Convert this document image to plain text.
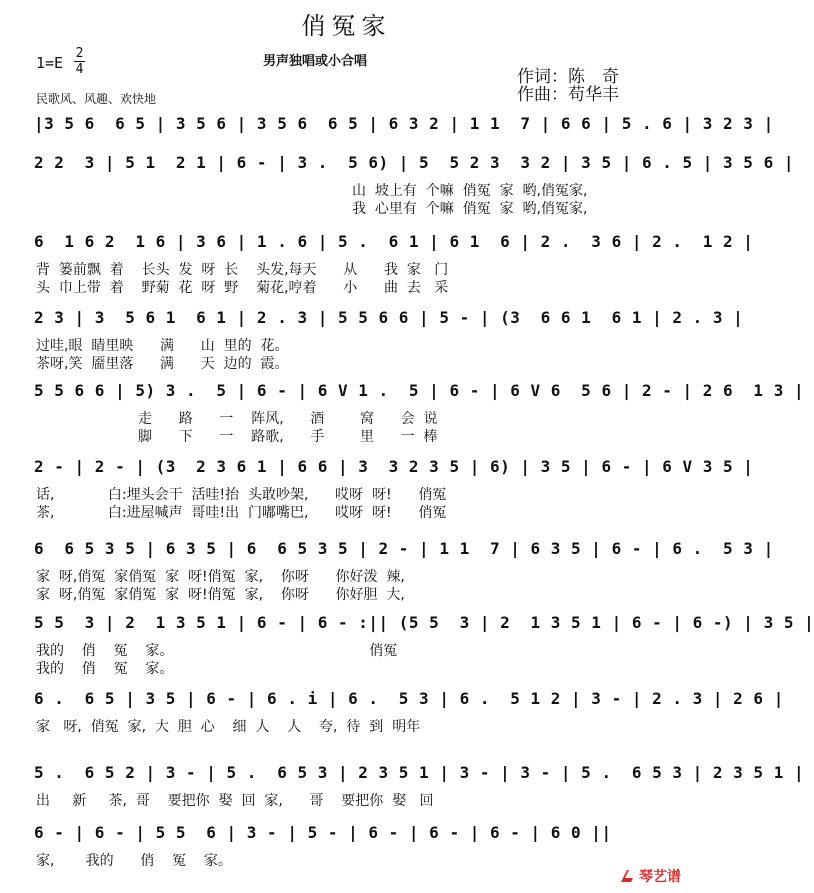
俏冤家
男声独唱或小合唱
1=E
2
4
民歌风、风趣、欢快地
作词：陈　奇
作曲：苟华丰
|3 5 6  6 5 | 3 5 6 | 3 5 6  6 5 | 6 3 2 | 1 1  7 | 6 6 | 5 . 6 | 3 2 3 |
2 2  3 | 5 1  2 1 | 6 - | 3 .  5 6) | 5  5 2 3  3 2 | 3 5 | 6 . 5 | 3 5 6 |
山  坡上有  个嘛  俏冤  家  哟,俏冤家,
我  心里有  个嘛  俏冤  家  哟,俏冤家,
6  1 6 2  1 6 | 3 6 | 1 . 6 | 5 .  6 1 | 6 1  6 | 2 .  3 6 | 2 .  1 2 |
背  篓前飘  着    长头  发  呀  长    头发,每天      从      我  家   门
头  巾上带  着    野菊  花  呀  野    菊花,哼着      小      曲  去   采
2 3 | 3  5 6 1  6 1 | 2 . 3 | 5 5 6 6 | 5 - | (3  6 6 1  6 1 | 2 . 3 |
过哇,眼  睛里映      满      山  里的  花。
茶呀,笑  靥里落      满      天  边的  霞。
5 5 6 6 | 5) 3 .  5 | 6 - | 6 V 1 .  5 | 6 - | 6 V 6  5 6 | 2 - | 2 6  1 3 |
走      路      一    阵风,      酒        窝      会  说
脚      下      一    路歌,      手        里      一  棒
2 - | 2 - | (3  2 3 6 1 | 6 6 | 3  3 2 3 5 | 6) | 3 5 | 6 - | 6 V 3 5 |
话,            白:埋头会干  活哇!抬  头敢吵架,      哎呀  呀!      俏冤
茶,            白:进屋喊声  哥哇!出  门嘟嘴巴,      哎呀  呀!      俏冤
6  6 5 3 5 | 6 3 5 | 6  6 5 3 5 | 2 - | 1 1  7 | 6 3 5 | 6 - | 6 .  5 3 |
家  呀,俏冤  家俏冤  家  呀!俏冤  家,    你呀      你好泼  辣,
家  呀,俏冤  家俏冤  家  呀!俏冤  家,    你呀      你好胆  大,
5 5  3 | 2  1 3 5 1 | 6 - | 6 - :|| (5 5  3 | 2  1 3 5 1 | 6 - | 6 -) | 3 5 |
我的    俏    冤    家。                                            俏冤
我的    俏    冤    家。
6 .  6 5 | 3 5 | 6 - | 6 . i | 6 .  5 3 | 6 .  5 1 2 | 3 - | 2 . 3 | 2 6 |
家   呀,  俏冤  家,  大  胆  心    细  人    人    夸,  待  到  明年
5 .  6 5 2 | 3 - | 5 .  6 5 3 | 2 3 5 1 | 3 - | 3 - | 5 .  6 5 3 | 2 3 5 1 |
出     新     茶,  哥    要把你  娶  回  家,      哥    要把你  娶   回
6 - | 6 - | 5 5  6 | 3 - | 5 - | 6 - | 6 - | 6 - | 6 0 ||
家,       我的      俏    冤    家。
琴艺谱
